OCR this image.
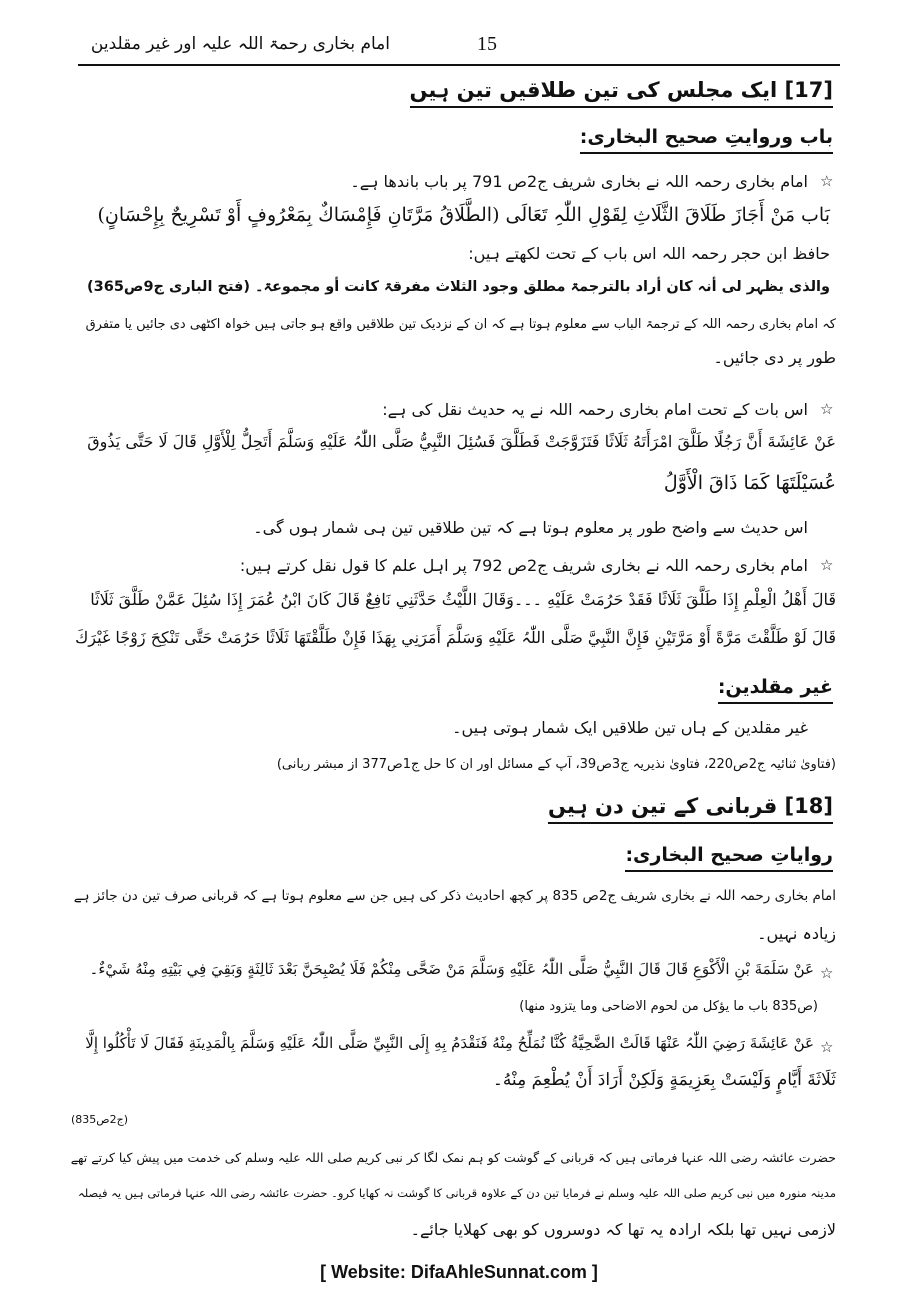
امام بخاری رحمۃ اللہ علیہ اور غیر مقلدین	15
[17] ایک مجلس کی تین طلاقیں تین ہیں
باب وروایتِ صحیح البخاری:
☆
امام بخاری رحمہ اللہ نے بخاری شریف ج2ص 791 پر باب باندھا ہے۔
بَاب مَنْ أَجَازَ طَلَاقَ الثَّلَاثِ لِقَوْلِ اللّٰہِ تَعَالَی (الطَّلَاقُ مَرَّتَانِ فَإِمْسَاكٌ بِمَعْرُوفٍ أَوْ تَسْرِيحٌ بِإِحْسَانٍ)
حافظ ابن حجر رحمہ اللہ اس باب کے تحت لکھتے ہیں:
والذی یظہر لی أنہ کان أراد بالترجمۃ مطلق وجود الثلاث مفرقۃ کانت أو مجموعۃ۔ (فتح الباری ج9ص365)
کہ امام بخاری رحمہ اللہ کے ترجمۃ الباب سے معلوم ہوتا ہے کہ ان کے نزدیک تین طلاقیں واقع ہو جاتی ہیں خواہ اکٹھی دی جائیں یا متفرق
طور پر دی جائیں۔
☆
اس بات کے تحت امام بخاری رحمہ اللہ نے یہ حدیث نقل کی ہے:
عَنْ عَائِشَةَ أَنَّ رَجُلًا طَلَّقَ امْرَأَتَهُ ثَلَاثًا فَتَزَوَّجَتْ فَطَلَّقَ فَسُئِلَ النَّبِيُّ صَلَّى اللّٰہُ عَلَيْهِ وَسَلَّمَ أَتَحِلُّ لِلْأَوَّلِ قَالَ لَا حَتَّى يَذُوقَ
عُسَيْلَتَهَا كَمَا ذَاقَ الْأَوَّلُ
اس حدیث سے واضح طور پر معلوم ہوتا ہے کہ تین طلاقیں تین ہی شمار ہوں گی۔
☆
امام بخاری رحمہ اللہ نے بخاری شریف ج2ص 792 پر اہل علم کا قول نقل کرتے ہیں:
قَالَ أَهْلُ الْعِلْمِ إِذَا طَلَّقَ ثَلَاثًا فَقَدْ حَرُمَتْ عَلَيْهِ ۔۔۔وَقَالَ اللَّيْثُ حَدَّثَنِي نَافِعٌ قَالَ كَانَ ابْنُ عُمَرَ إِذَا سُئِلَ عَمَّنْ طَلَّقَ ثَلَاثًا
قَالَ لَوْ طَلَّقْتَ مَرَّةً أَوْ مَرَّتَيْنِ فَإِنَّ النَّبِيَّ صَلَّى اللّٰہُ عَلَيْهِ وَسَلَّمَ أَمَرَنِي بِهَذَا فَإِنْ طَلَّقْتَهَا ثَلَاثًا حَرُمَتْ حَتَّى تَنْكِحَ زَوْجًا غَيْرَكَ
غیر مقلدین:
غیر مقلدین کے ہاں تین طلاقیں ایک شمار ہوتی ہیں۔
(فتاویٰ ثنائیہ ج2ص220، فتاویٰ نذیریہ ج3ص39، آپ کے مسائل اور ان کا حل ج1ص377 از مبشر ربانی)
[18] قربانی کے تین دن ہیں
روایاتِ صحیح البخاری:
امام بخاری رحمہ اللہ نے بخاری شریف ج2ص 835 پر کچھ احادیث ذکر کی ہیں جن سے معلوم ہوتا ہے کہ قربانی صرف تین دن جائز ہے
زیادہ نہیں۔
☆
عَنْ سَلَمَةَ بْنِ الْأَكْوَعِ قَالَ قَالَ النَّبِيُّ صَلَّى اللّٰہُ عَلَيْهِ وَسَلَّمَ مَنْ ضَحَّى مِنْكُمْ فَلَا يُصْبِحَنَّ بَعْدَ ثَالِثَةٍ وَبَقِيَ فِي بَيْتِهِ مِنْهُ شَيْءٌ۔
(ص835 باب ما یؤکل من لحوم الاضاحی وما یتزود منھا)
☆
عَنْ عَائِشَةَ رَضِيَ اللّٰہُ عَنْهَا قَالَتْ الضَّحِيَّةُ كُنَّا نُمَلِّحُ مِنْهُ فَنَقْدَمُ بِهِ إِلَى النَّبِيِّ صَلَّى اللّٰہُ عَلَيْهِ وَسَلَّمَ بِالْمَدِينَةِ فَقَالَ لَا تَأْكُلُوا إِلَّا
ثَلَاثَةَ أَيَّامٍ وَلَيْسَتْ بِعَزِيمَةٍ وَلَكِنْ أَرَادَ أَنْ يُطْعِمَ مِنْهُ۔
(ج2ص835)
حضرت عائشہ رضی اللہ عنہا فرماتی ہیں کہ قربانی کے گوشت کو ہم نمک لگا کر نبی کریم صلی اللہ علیہ وسلم کی خدمت میں پیش کیا کرتے تھے
مدینہ منورہ میں نبی کریم صلی اللہ علیہ وسلم نے فرمایا تین دن کے علاوہ قربانی کا گوشت نہ کھایا کرو۔ حضرت عائشہ رضی اللہ عنہا فرماتی ہیں یہ فیصلہ
لازمی نہیں تھا بلکہ ارادہ یہ تھا کہ دوسروں کو بھی کھلایا جائے۔
[ Website: DifaAhleSunnat.com ]
